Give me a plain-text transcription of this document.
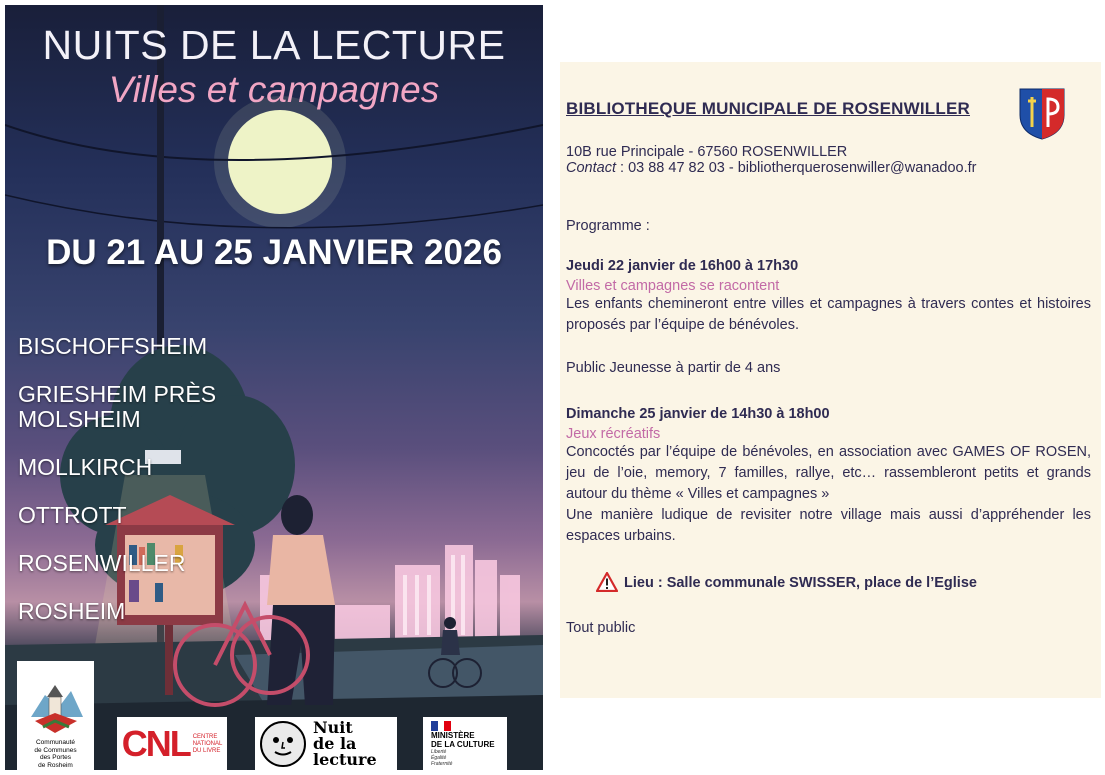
NUITS DE LA LECTURE
Villes et campagnes
DU 21 AU 25 JANVIER 2026
BISCHOFFSHEIM
GRIESHEIM PRÈS
MOLSHEIM
MOLLKIRCH
OTTROTT
ROSENWILLER
ROSHEIM
Communauté
de Communes
des Portes
de Rosheim
CNL CENTRE
NATIONAL
DU LIVRE
Nuit
de la
lecture
MINISTÈRE
DE LA CULTURE
Liberté
Égalité
Fraternité
BIBLIOTHEQUE MUNICIPALE DE ROSENWILLER
10B rue Principale - 67560 ROSENWILLER
Contact : 03 88 47 82 03 - bibliotherquerosenwiller@wanadoo.fr
Programme :
Jeudi 22 janvier de 16h00 à 17h30
Villes et campagnes se racontent
Les enfants chemineront entre villes et campagnes à travers contes et histoires proposés par l’équipe de bénévoles.
Public Jeunesse à partir de 4 ans
Dimanche 25 janvier de 14h30 à 18h00
Jeux récréatifs
Concoctés par l’équipe de bénévoles, en association avec GAMES OF ROSEN, jeu de l’oie, memory, 7 familles, rallye, etc… rassembleront petits et grands autour du thème « Villes et campagnes »
Une manière ludique de revisiter notre village mais aussi d’appréhender les espaces urbains.
Lieu : Salle communale SWISSER, place de l’Eglise
Tout public
